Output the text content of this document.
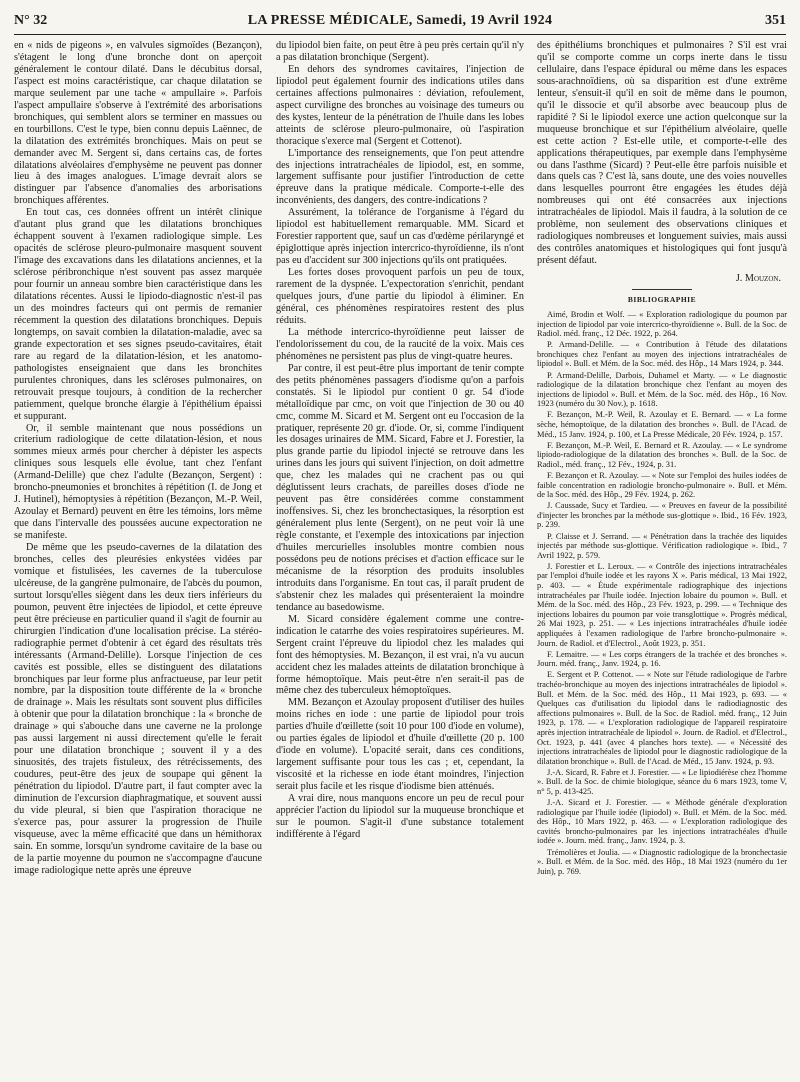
N° 32	LA PRESSE MÉDICALE, Samedi, 19 Avril 1924	351

en « nids de pigeons », en valvules sigmoïdes (Bezançon), s'étagent le long d'une bronche dont on aperçoit généralement le contour dilaté. Dans le décubitus dorsal, l'aspect est moins caractéristique, car chaque dilatation se marque seulement par une tache « ampullaire ». Parfois l'aspect ampullaire s'observe à l'extrémité des arborisations bronchiques, qui semblent alors se terminer en massues ou en tourbillons. C'est le type, bien connu depuis Laënnec, de la dilatation des extrémités bronchiques. Mais on peut se demander avec M. Sergent si, dans certains cas, de fortes dilatations alvéolaires d'emphysème ne peuvent pas donner lieu à des images analogues. L'image devrait alors se distinguer par l'absence d'anomalies des arborisations bronchiques afférentes.

En tout cas, ces données offrent un intérêt clinique d'autant plus grand que les dilatations bronchiques échappent souvent à l'examen radiologique simple. Les opacités de sclérose pleuro-pulmonaire masquent souvent l'image des excavations dans les dilatations anciennes, et la sclérose péribronchique n'est souvent pas assez marquée pour fournir un anneau sombre bien caractéristique dans les dilatations récentes. Aussi le lipiodo-diagnostic n'est-il pas un des moindres facteurs qui ont permis de remanier récemment la question des dilatations bronchiques. Depuis longtemps, on savait combien la dilatation-maladie, avec sa grande expectoration et ses signes pseudo-cavitaires, était rare au regard de la dilatation-lésion, et les anatomo-pathologistes enseignaient que dans les bronchites purulentes chroniques, dans les scléroses pulmonaires, on retrouvait presque toujours, à condition de la rechercher patiemment, quelque bronche élargie à l'épithélium épaissi et suppurant.

Or, il semble maintenant que nous possédions un criterium radiologique de cette dilatation-lésion, et nous sommes mieux armés pour chercher à dépister les aspects cliniques sous lesquels elle évolue, tant chez l'enfant (Armand-Delille) que chez l'adulte (Bezançon, Sergent) : broncho-pneumonies et bronchites à répétition (I. de Jong et J. Hutinel), hémoptysies à répétition (Bezançon, M.-P. Weil, Azoulay et Bernard) peuvent en être les témoins, lors même que dans l'intervalle des poussées aucune expectoration ne se manifeste.

De même que les pseudo-cavernes de la dilatation des bronches, celles des pleurésies enkystées vidées par vomique et fistulisées, les cavernes de la tuberculose ulcéreuse, de la gangrène pulmonaire, de l'abcès du poumon, surtout lorsqu'elles siègent dans les deux tiers inférieurs du poumon, peuvent être injectées de lipiodol, et cette épreuve peut être précieuse en particulier quand il s'agit de fournir au chirurgien l'indication d'une localisation précise. La stéréo-radiographie permet d'obtenir à cet égard des résultats très intéressants (Armand-Delille). Lorsque l'injection de ces cavités est possible, elles se distinguent des dilatations bronchiques par leur forme plus anfractueuse, par leur petit nombre, par la disposition toute différente de la « bronche de drainage ». Mais les résultats sont souvent plus difficiles à obtenir que pour la dilatation bronchique : la « bronche de drainage » qui s'abouche dans une caverne ne la prolonge pas aussi largement ni aussi directement qu'elle le ferait pour une dilatation bronchique ; souvent il y a des sinuosités, des trajets fistuleux, des rétrécissements, des coudures, peut-être des jeux de soupape qui gênent la pénétration du lipiodol. D'autre part, il faut compter avec la diminution de l'excursion diaphragmatique, et souvent aussi du vide pleural, si bien que l'aspiration thoracique ne s'exerce pas, pour assurer la progression de l'huile visqueuse, avec la même efficacité que dans un hémithorax sain. En somme, lorsqu'un syndrome cavitaire de la base ou de la partie moyenne du poumon ne s'accompagne d'aucune image radiologique nette après une épreuve

du lipiodol bien faite, on peut être à peu près certain qu'il n'y a pas dilatation bronchique (Sergent).

En dehors des syndromes cavitaires, l'injection de lipiodol peut également fournir des indications utiles dans certaines affections pulmonaires : déviation, refoulement, aspect curviligne des bronches au voisinage des tumeurs ou des kystes, lenteur de la pénétration de l'huile dans les lobes atteints de sclérose pleuro-pulmonaire, où l'aspiration thoracique s'exerce mal (Sergent et Cottenot).

L'importance des renseignements, que l'on peut attendre des injections intratrachéales de lipiodol, est, en somme, largement suffisante pour justifier l'introduction de cette épreuve dans la pratique médicale. Comporte-t-elle des inconvénients, des dangers, des contre-indications ?

Assurément, la tolérance de l'organisme à l'égard du lipiodol est habituellement remarquable. MM. Sicard et Forestier rapportent que, sauf un cas d'œdème périlaryngé et épiglottique après injection intercrico-thyroïdienne, ils n'ont pas eu d'accident sur 300 injections qu'ils ont pratiquées.

Les fortes doses provoquent parfois un peu de toux, rarement de la dyspnée. L'expectoration s'enrichit, pendant quelques jours, d'une partie du lipiodol à éliminer. En général, ces phénomènes respiratoires restent des plus réduits.

La méthode intercrico-thyroïdienne peut laisser de l'endolorissement du cou, de la raucité de la voix. Mais ces phénomènes ne persistent pas plus de vingt-quatre heures.

Par contre, il est peut-être plus important de tenir compte des petits phénomènes passagers d'iodisme qu'on a parfois constatés. Si le lipiodol pur contient 0 gr. 54 d'iode métalloïdique par cmc, on voit que l'injection de 30 ou 40 cmc, comme M. Sicard et M. Sergent ont eu l'occasion de la pratiquer, représente 20 gr. d'iode. Or, si, comme l'indiquent les dosages urinaires de MM. Sicard, Fabre et J. Forestier, la plus grande partie du lipiodol injecté se retrouve dans les urines dans les jours qui suivent l'injection, on doit admettre que, chez les malades qui ne crachent pas ou qui déglutissent leurs crachats, de pareilles doses d'iode ne peuvent pas être considérées comme constamment inoffensives. Si, chez les bronchectasiques, la résorption est généralement plus lente (Sergent), on ne peut voir là une règle constante, et l'exemple des intoxications par injection d'huiles mercurielles insolubles montre combien nous possédons peu de notions précises et d'action efficace sur le mécanisme de la résorption des produits insolubles introduits dans l'organisme. En tout cas, il paraît prudent de s'abstenir chez les malades qui présenteraient la moindre tendance au basedowisme.

M. Sicard considère également comme une contre-indication le catarrhe des voies respiratoires supérieures. M. Sergent craint l'épreuve du lipiodol chez les malades qui font des hémoptysies. M. Bezançon, il est vrai, n'a vu aucun accident chez les malades atteints de dilatation bronchique à forme hémoptoïque. Mais peut-être n'en serait-il pas de même chez des tuberculeux hémoptoïques.

MM. Bezançon et Azoulay proposent d'utiliser des huiles moins riches en iode : une partie de lipiodol pour trois parties d'huile d'œillette (soit 10 pour 100 d'iode en volume), ou parties égales de lipiodol et d'huile d'œillette (20 p. 100 d'iode en volume). L'opacité serait, dans ces conditions, largement suffisante pour tous les cas ; et, cependant, la viscosité et la richesse en iode étant moindres, l'injection serait plus facile et les risque d'iodisme bien atténués.

A vrai dire, nous manquons encore un peu de recul pour apprécier l'action du lipiodol sur la muqueuse bronchique et sur le poumon. S'agit-il d'une substance totalement indifférente à l'égard

des épithéliums bronchiques et pulmonaires ? S'il est vrai qu'il se comporte comme un corps inerte dans le tissu cellulaire, dans l'espace épidural ou même dans les espaces sous-arachnoïdiens, où sa disparition est d'une extrême lenteur, s'ensuit-il qu'il en soit de même dans le poumon, qu'il le dissocie et qu'il absorbe avec beaucoup plus de rapidité ? Si le lipiodol exerce une action quelconque sur la muqueuse bronchique et sur l'épithélium alvéolaire, quelle est cette action ? Est-elle utile, et comporte-t-elle des applications thérapeutiques, par exemple dans l'emphysème ou dans l'asthme (Sicard) ? Peut-elle être parfois nuisible et dans quels cas ? C'est là, sans doute, une des voies nouvelles dans lesquelles pourront être engagées les études déjà nombreuses qui ont été consacrées aux injections intratrachéales de lipiodol. Mais il faudra, à la solution de ce problème, non seulement des observations cliniques et radiologiques nombreuses et longuement suivies, mais aussi des contrôles anatomiques et histologiques qui font jusqu'à présent défaut.

J. Mouzon.
BIBLIOGRAPHIE

Aimé, Brodin et Wolf. — « Exploration radiologique du poumon par injection de lipiodol par voie intercrico-thyroïdienne ». Bull. de la Soc. de Radiol. méd. franç., 12 Déc. 1922, p. 264.

P. Armand-Delille. — « Contribution à l'étude des dilatations bronchiques chez l'enfant au moyen des injections intratrachéales de lipiodol ». Bull. et Mém. de la Soc. méd. des Hôp., 14 Mars 1924, p. 344.

P. Armand-Delille, Darbois, Duhamel et Marty. — « Le diagnostic radiologique de la dilatation bronchique chez l'enfant au moyen des injections de lipiodol ». Bull. et Mém. de la Soc. méd. des Hôp., 16 Nov. 1923 (numéro du 30 Nov.), p. 1618.

F. Bezançon, M.-P. Weil, R. Azoulay et E. Bernard. — « La forme sèche, hémoptoïque, de la dilatation des bronches ». Bull. de l'Acad. de Méd., 15 Janv. 1924, p. 100, et La Presse Médicale, 20 Fév. 1924, p. 157.

F. Bezançon, M.-P. Weil, E. Bernard et R. Azoulay. — « Le syndrome lipiodo-radiologique de la dilatation des bronches ». Bull. de la Soc. de Radiol., méd. franç., 12 Fév., 1924, p. 31.

F. Bezançon et R. Azoulay. — « Note sur l'emploi des huiles iodées de faible concentration en radiologie broncho-pulmonaire ». Bull. et Mém. de la Soc. méd. des Hôp., 29 Fév. 1924, p. 262.

J. Caussade, Sucy et Tardieu. — « Preuves en faveur de la possibilité d'injecter les bronches par la méthode sus-glottique ». Ibid., 16 Fév. 1923, p. 239.

P. Claisse et J. Serrand. — « Pénétration dans la trachée des liquides injectés par méthode sus-glottique. Vérification radiologique ». Ibid., 7 Avril 1922, p. 579.

J. Forestier et L. Leroux. — « Contrôle des injections intratrachéales par l'emploi d'huile iodée et les rayons X ». Paris médical, 13 Mai 1922, p. 403. — « Étude expérimentale radiographique des injections intratrachéales par l'huile iodée. Injection lobaire du poumon ». Bull. et Mém. de la Soc. méd. des Hôp., 23 Fév. 1923, p. 299. — « Technique des injections lobaires du poumon par voie transglottique ». Progrès médical, 26 Mai 1923, p. 251. — « Les injections intratrachéales d'huile iodée appliquées à l'examen radiologique de l'arbre broncho-pulmonaire ». Journ. de Radiol. et d'Electrol., Août 1923, p. 351.

F. Lemaitre. — « Les corps étrangers de la trachée et des bronches ». Journ. méd. franç., Janv. 1924, p. 16.

E. Sergent et P. Cottenot. — « Note sur l'étude radiologique de l'arbre trachéo-bronchique au moyen des injections intratrachéales de lipiodol ». Bull. et Mém. de la Soc. méd. des Hôp., 11 Mai 1923, p. 693. — « Quelques cas d'utilisation du lipiodol dans le radiodiagnostic des affections pulmonaires ». Bull. de la Soc. de Radiol. méd. franç., 12 Juin 1923, p. 178. — « L'exploration radiologique de l'appareil respiratoire après injection intratrachéale de lipiodol ». Journ. de Radiol. et d'Electrol., Oct. 1923, p. 441 (avec 4 planches hors texte). — « Nécessité des injections intratrachéales de lipiodol pour le diagnostic radiologique de la dilatation bronchique ». Bull. de l'Acad. de Méd., 15 Janv. 1924, p. 93.

J.-A. Sicard, R. Fabre et J. Forestier. — « Le lipiodiérèse chez l'homme ». Bull. de la Soc. de chimie biologique, séance du 6 mars 1923, tome V, n° 5, p. 413-425.

J.-A. Sicard et J. Forestier. — « Méthode générale d'exploration radiologique par l'huile iodée (lipiodol) ». Bull. et Mém. de la Soc. méd. des Hôp., 10 Mars 1922, p. 463. — « L'exploration radiologique des cavités broncho-pulmonaires par les injections intratrachéales d'huile iodée ». Journ. méd. franç., Janv. 1924, p. 3.

Trémolières et Joulia. — « Diagnostic radiologique de la bronchectasie ». Bull. et Mém. de la Soc. méd. des Hôp., 18 Mai 1923 (numéro du 1er Juin), p. 769.
